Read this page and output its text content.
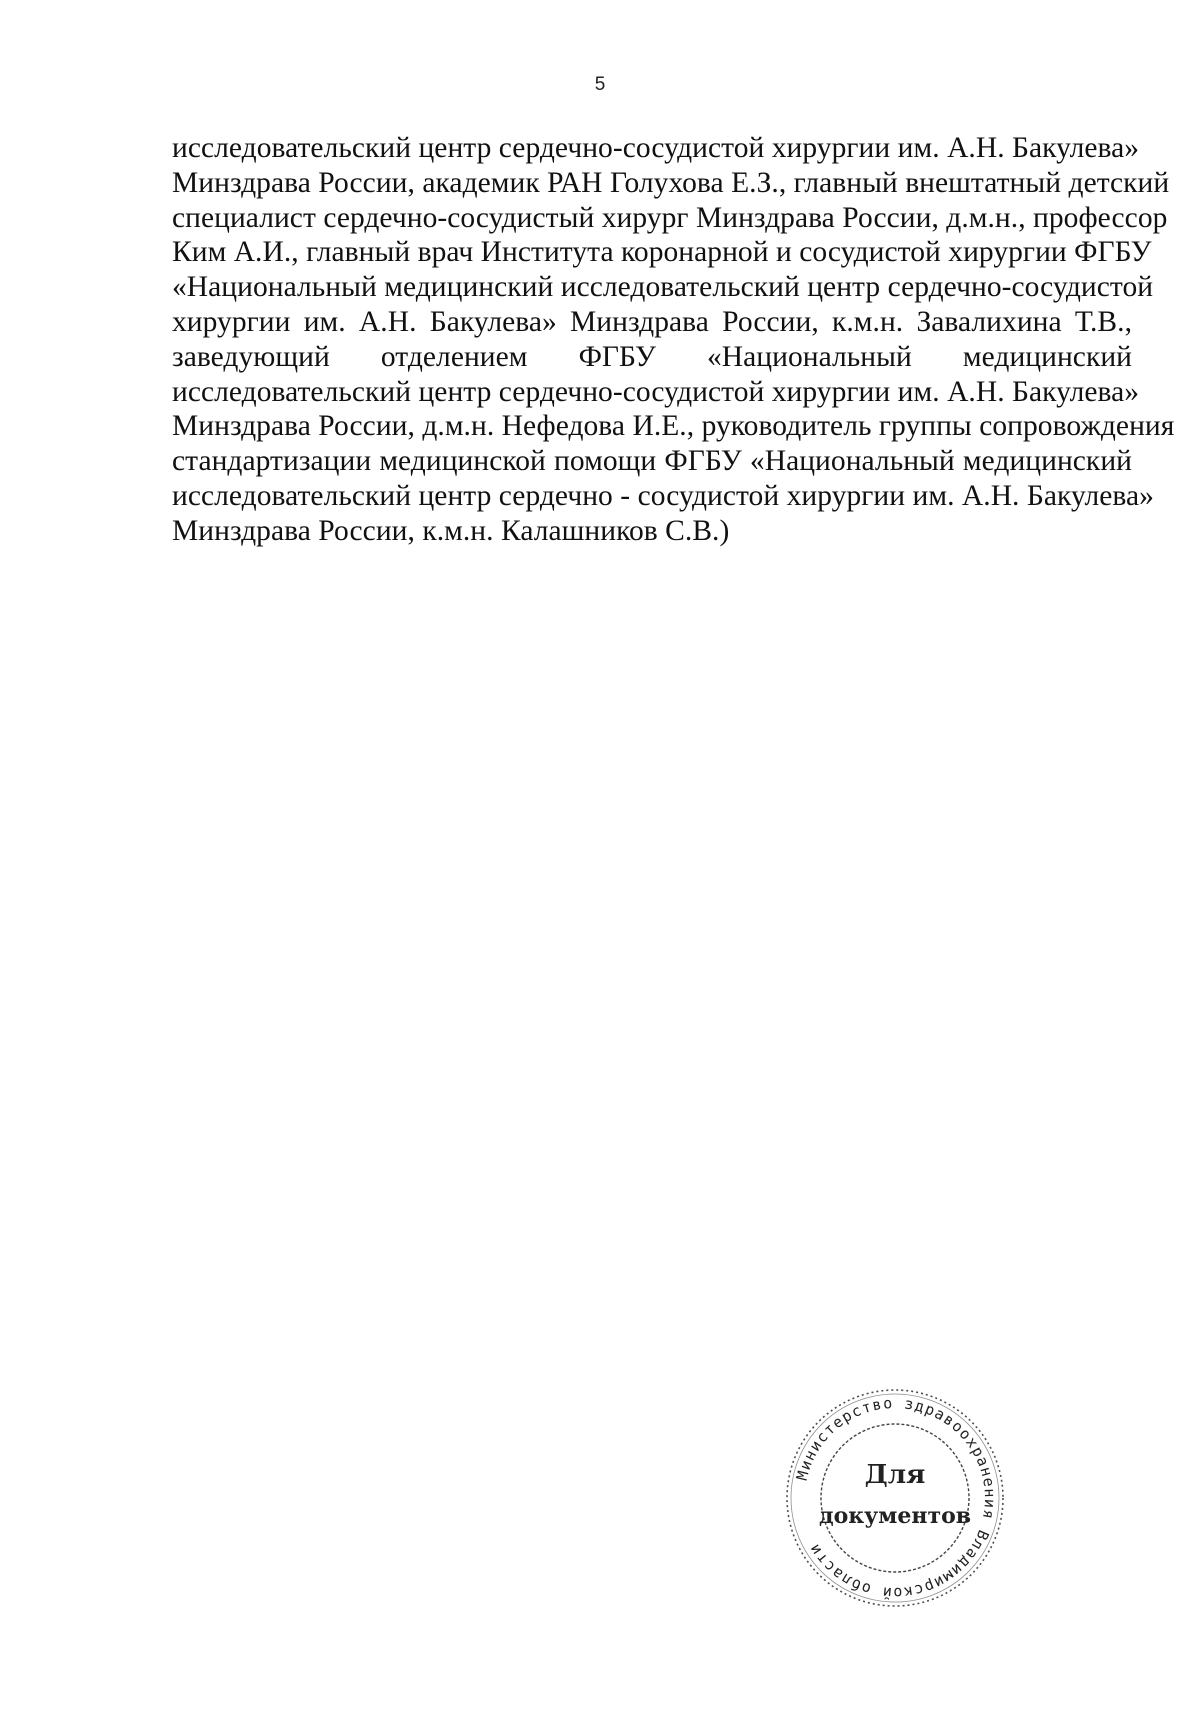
5
исследовательский центр сердечно-сосудистой хирургии им. А.Н. Бакулева»
Минздрава России, академик РАН Голухова Е.З., главный внештатный детский
специалист сердечно-сосудистый хирург Минздрава России, д.м.н., профессор
Ким А.И., главный врач Института коронарной и сосудистой хирургии ФГБУ
«Национальный медицинский исследовательский центр сердечно-сосудистой
хирургии им. А.Н. Бакулева» Минздрава России, к.м.н. Завалихина Т.В.,
заведующий отделением ФГБУ «Национальный медицинский
исследовательский центр сердечно-сосудистой хирургии им. А.Н. Бакулева»
Минздрава России, д.м.н. Нефедова И.Е., руководитель группы сопровождения
стандартизации медицинской помощи ФГБУ «Национальный медицинский
исследовательский центр сердечно - сосудистой хирургии им. А.Н. Бакулева»
Минздрава России, к.м.н. Калашников С.В.)
Министерство здравоохранения Владимирской области
Для
документов
